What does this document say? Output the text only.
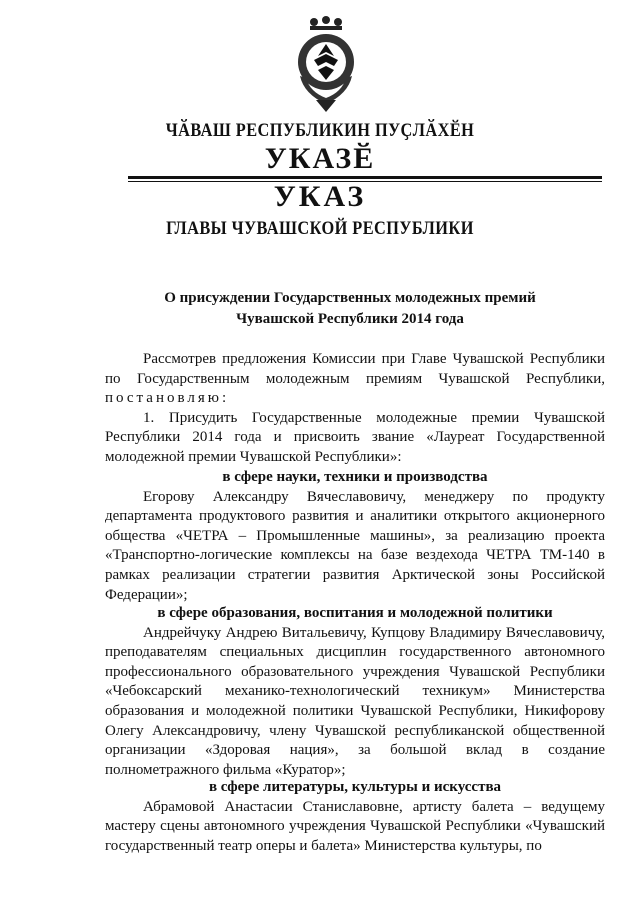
ЧӐВАШ РЕСПУБЛИКИН ПУҪЛӐХӖН
УКАЗӖ
УКАЗ
ГЛАВЫ ЧУВАШСКОЙ РЕСПУБЛИКИ
О присуждении Государственных молодежных премий
Чувашской Республики 2014 года

Рассмотрев предложения Комиссии при Главе Чувашской Республики по Государственным молодежным премиям Чувашской Республики, постановляю:

1. Присудить Государственные молодежные премии Чувашской Республики 2014 года и присвоить звание «Лауреат Государственной молодежной премии Чувашской Республики»:

в сфере науки, техники и производства

Егорову Александру Вячеславовичу, менеджеру по продукту департамента продуктового развития и аналитики открытого акционерного общества «ЧЕТРА – Промышленные машины», за реализацию проекта «Транспортно-логические комплексы на базе вездехода ЧЕТРА ТМ-140 в рамках реализации стратегии развития Арктической зоны Российской Федерации»;

в сфере образования, воспитания и молодежной политики

Андрейчуку Андрею Витальевичу, Купцову Владимиру Вячеславовичу, преподавателям специальных дисциплин государственного автономного профессионального образовательного учреждения Чувашской Республики «Чебоксарский механико-технологический техникум» Министерства образования и молодежной политики Чувашской Республики, Никифорову Олегу Александровичу, члену Чувашской республиканской общественной организации «Здоровая нация», за большой вклад в создание полнометражного фильма «Куратор»;

в сфере литературы, культуры и искусства

Абрамовой Анастасии Станиславовне, артисту балета – ведущему мастеру сцены автономного учреждения Чувашской Республики «Чувашский государственный театр оперы и балета» Министерства культуры, по
